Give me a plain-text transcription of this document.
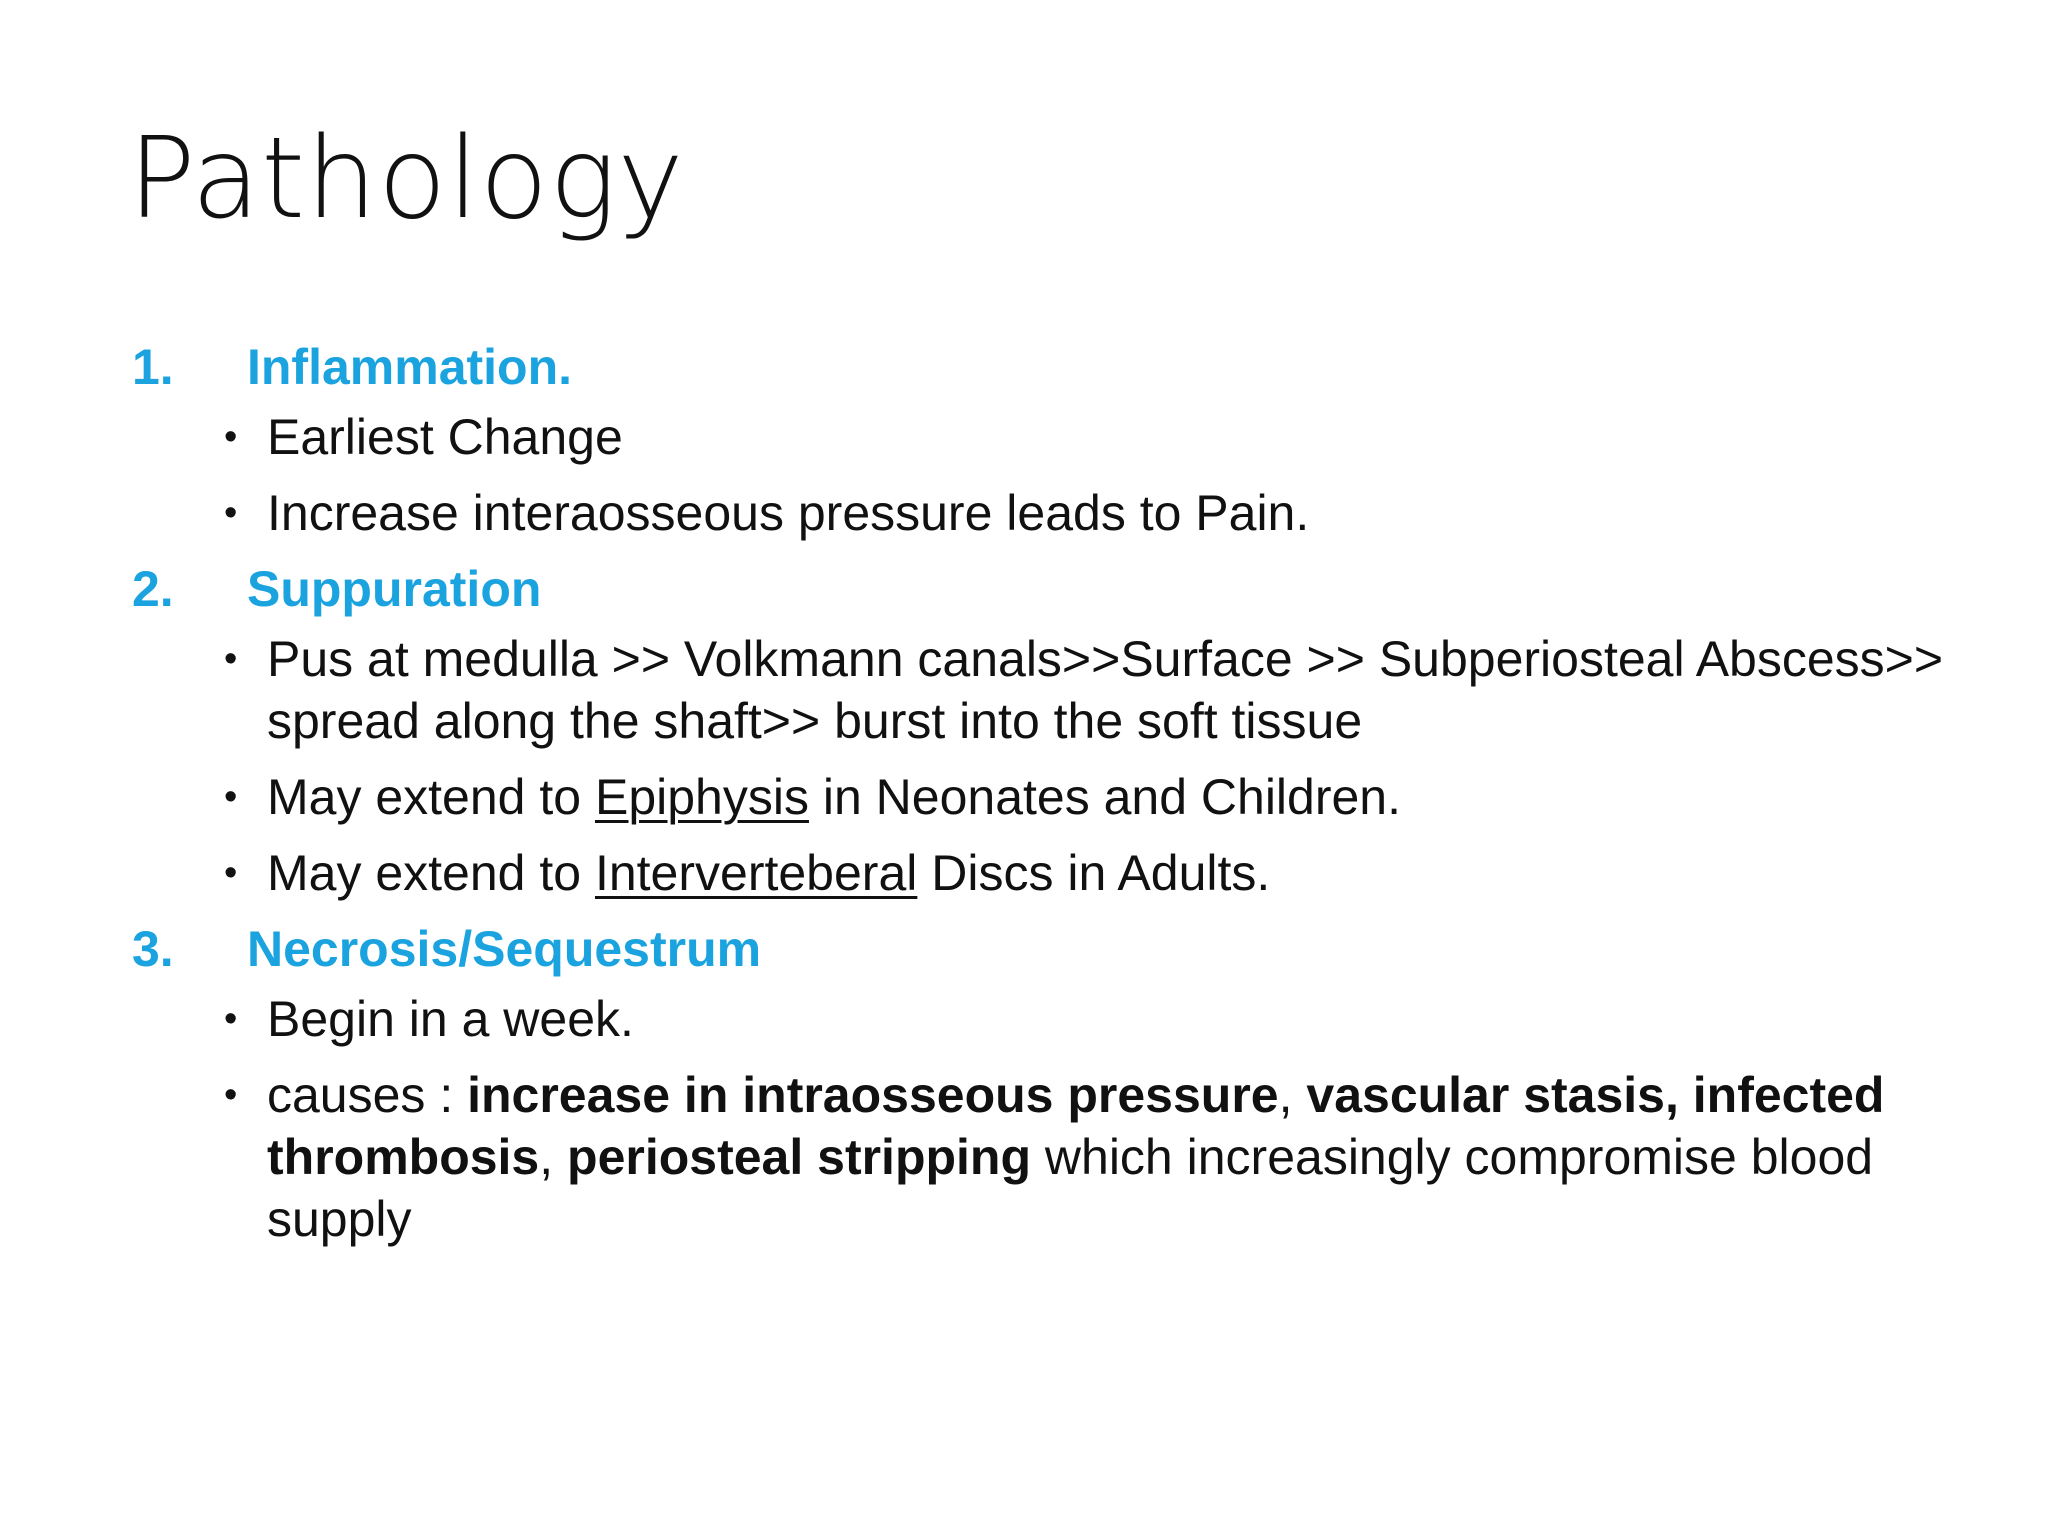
Pathology
1.	Inflammation.
• Earliest Change
• Increase interaosseous pressure leads to Pain.
2.	Suppuration
• Pus at medulla >> Volkmann canals>>Surface >> Subperiosteal Abscess>> spread along the shaft>> burst into the soft tissue
• May extend to Epiphysis in Neonates and Children.
• May extend to Interverteberal Discs in Adults.
3.	Necrosis/Sequestrum
• Begin in a week.
• causes : increase in intraosseous pressure, vascular stasis, infected thrombosis, periosteal stripping which increasingly compromise blood supply
